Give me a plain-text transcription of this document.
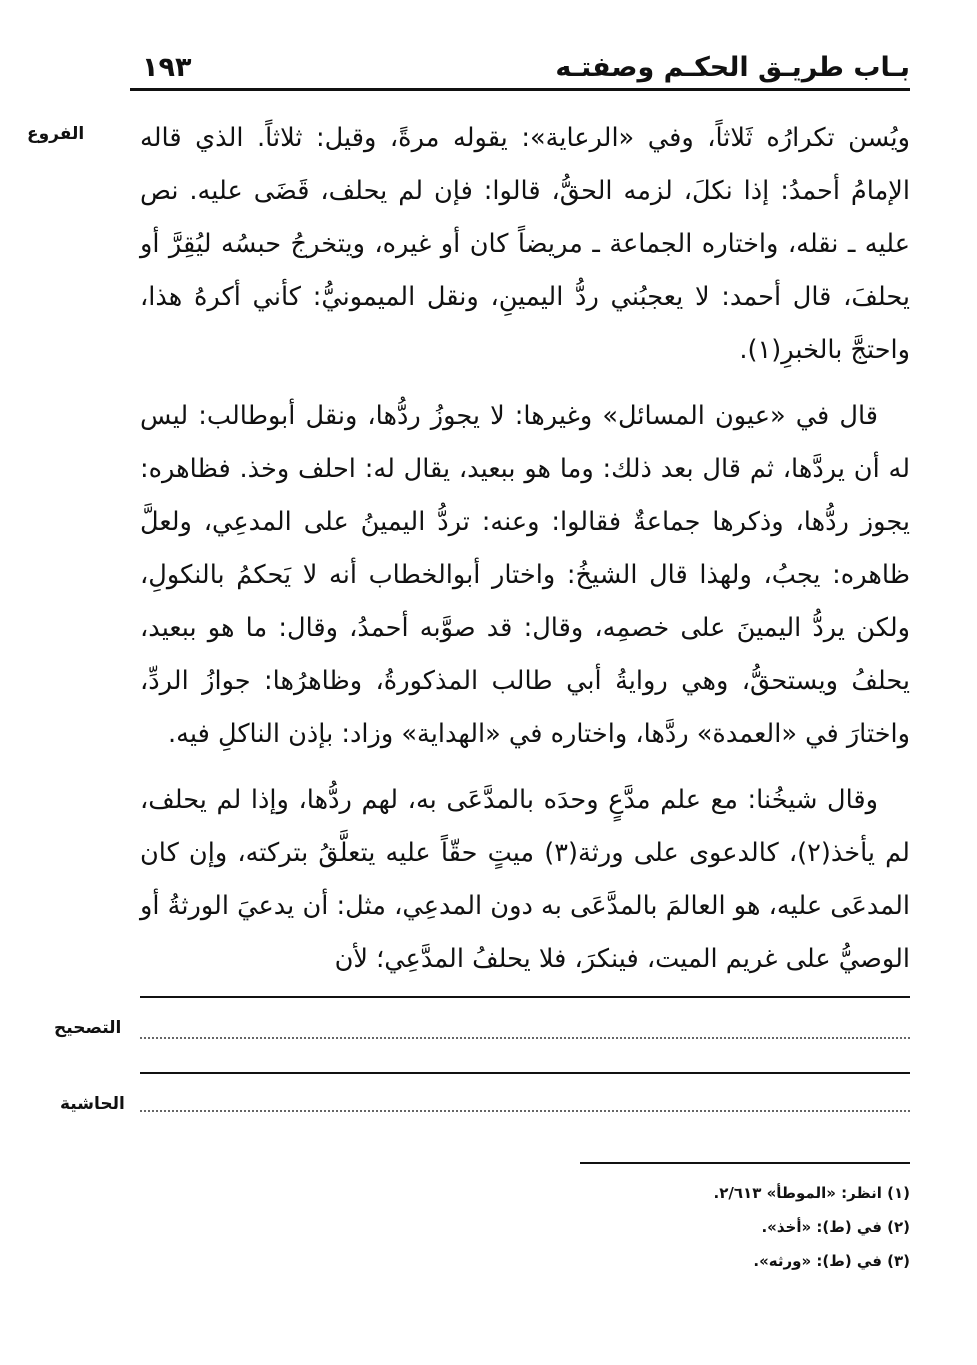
بـاب طريـق الحكـم وصفتـه
١٩٣
الفروع	ويُسن تكرارُه ثَلاثاً، وفي «الرعاية»: يقوله مرةً، وقيل: ثلاثاً. الذي قاله الإمامُ أحمدُ: إذا نكلَ، لزمه الحقُّ، قالوا: فإن لم يحلف، قَضَى عليه. نص عليه ـ نقله، واختاره الجماعة ـ مريضاً كان أو غيره، ويتخرجُ حبسُه ليُقِرَّ أو يحلفَ، قال أحمد: لا يعجبُني ردُّ اليمينِ، ونقل الميمونيُّ: كأني أكرهُ هذا، واحتجَّ بالخبرِ(١).

قال في «عيون المسائل» وغيرها: لا يجوزُ ردُّها، ونقل أبوطالب: ليس له أن يردَّها، ثم قال بعد ذلك: وما هو ببعيد، يقال له: احلف وخذ. فظاهره: يجوز ردُّها، وذكرها جماعةٌ فقالوا: وعنه: تردُّ اليمينُ على المدعِي، ولعلَّ ظاهره: يجبُ، ولهذا قال الشيخُ: واختار أبوالخطاب أنه لا يَحكمُ بالنكولِ، ولكن يردُّ اليمينَ على خصمِه، وقال: قد صوَّبه أحمدُ، وقال: ما هو ببعيد، يحلفُ ويستحقُّ، وهي روايةُ أبي طالب المذكورةُ، وظاهرُها: جوازُ الردِّ، واختارَ في «العمدة» ردَّها، واختاره في «الهداية» وزاد: بإذن الناكلِ فيه.

وقال شيخُنا: مع علم مدَّعٍ وحدَه بالمدَّعَى به، لهم ردُّها، وإذا لم يحلف، لم يأخذ(٢)، كالدعوى على ورثة(٣) ميتٍ حقّاً عليه يتعلَّقُ بتركته، وإن كان المدعَى عليه، هو العالمَ بالمدَّعَى به دون المدعِي، مثل: أن يدعيَ الورثةُ أو الوصيُّ على غريم الميت، فينكرَ، فلا يحلفُ المدَّعِي؛ لأن

التصحيح
الحاشية
(١) انظر: «الموطأ» ٢/٦١٣.
(٢) في (ط): «أخذ».
(٣) في (ط): «ورثه».
